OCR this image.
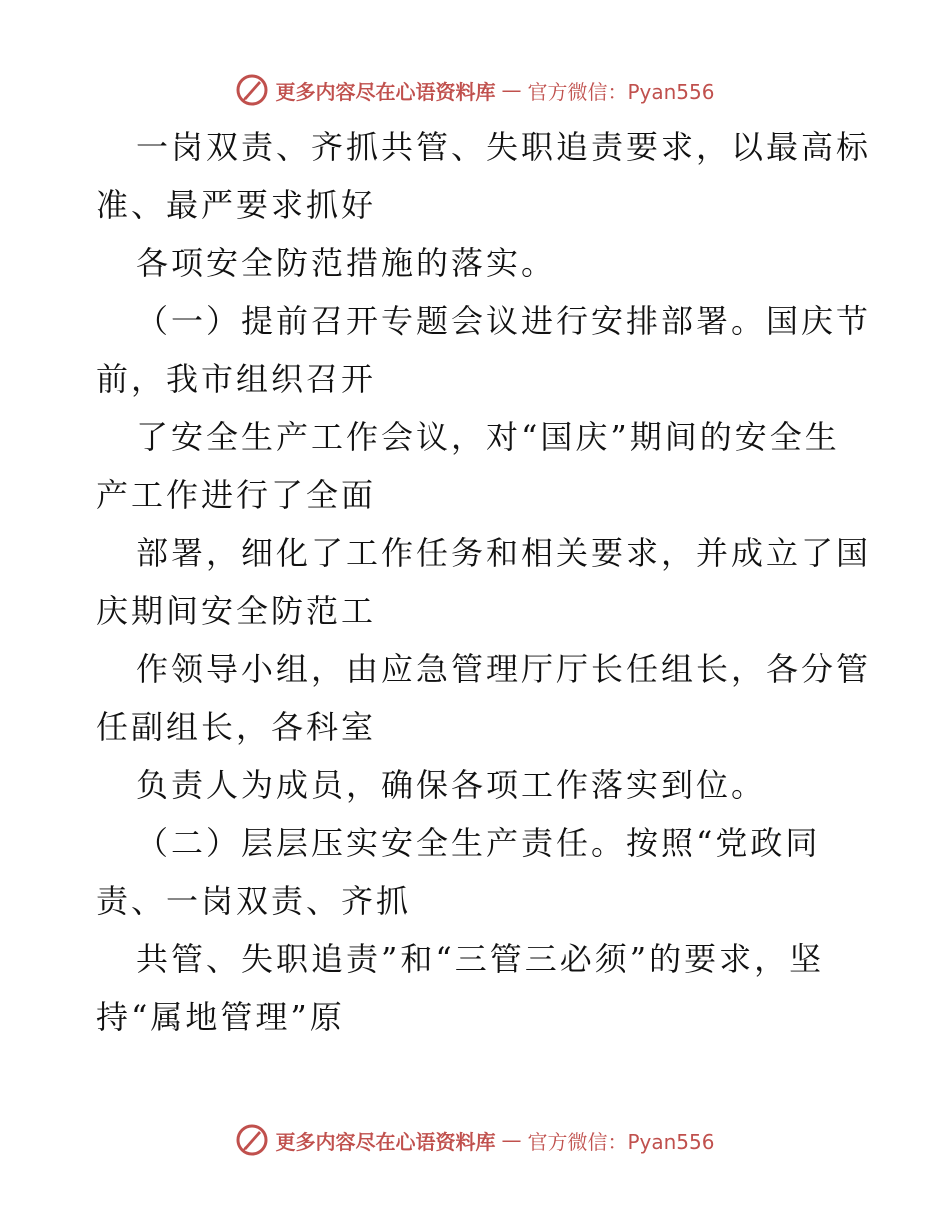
更多内容尽在心语资料库 — 官方微信：Pyan556
一岗双责、齐抓共管、失职追责要求，以最高标
准、最严要求抓好
各项安全防范措施的落实。
（一）提前召开专题会议进行安排部署。国庆节
前，我市组织召开
了安全生产工作会议，对“国庆”期间的安全生
产工作进行了全面
部署，细化了工作任务和相关要求，并成立了国
庆期间安全防范工
作领导小组，由应急管理厅厅长任组长，各分管
任副组长，各科室
负责人为成员，确保各项工作落实到位。
（二）层层压实安全生产责任。按照“党政同
责、一岗双责、齐抓
共管、失职追责”和“三管三必须”的要求，坚
持“属地管理”原
更多内容尽在心语资料库 — 官方微信：Pyan556
